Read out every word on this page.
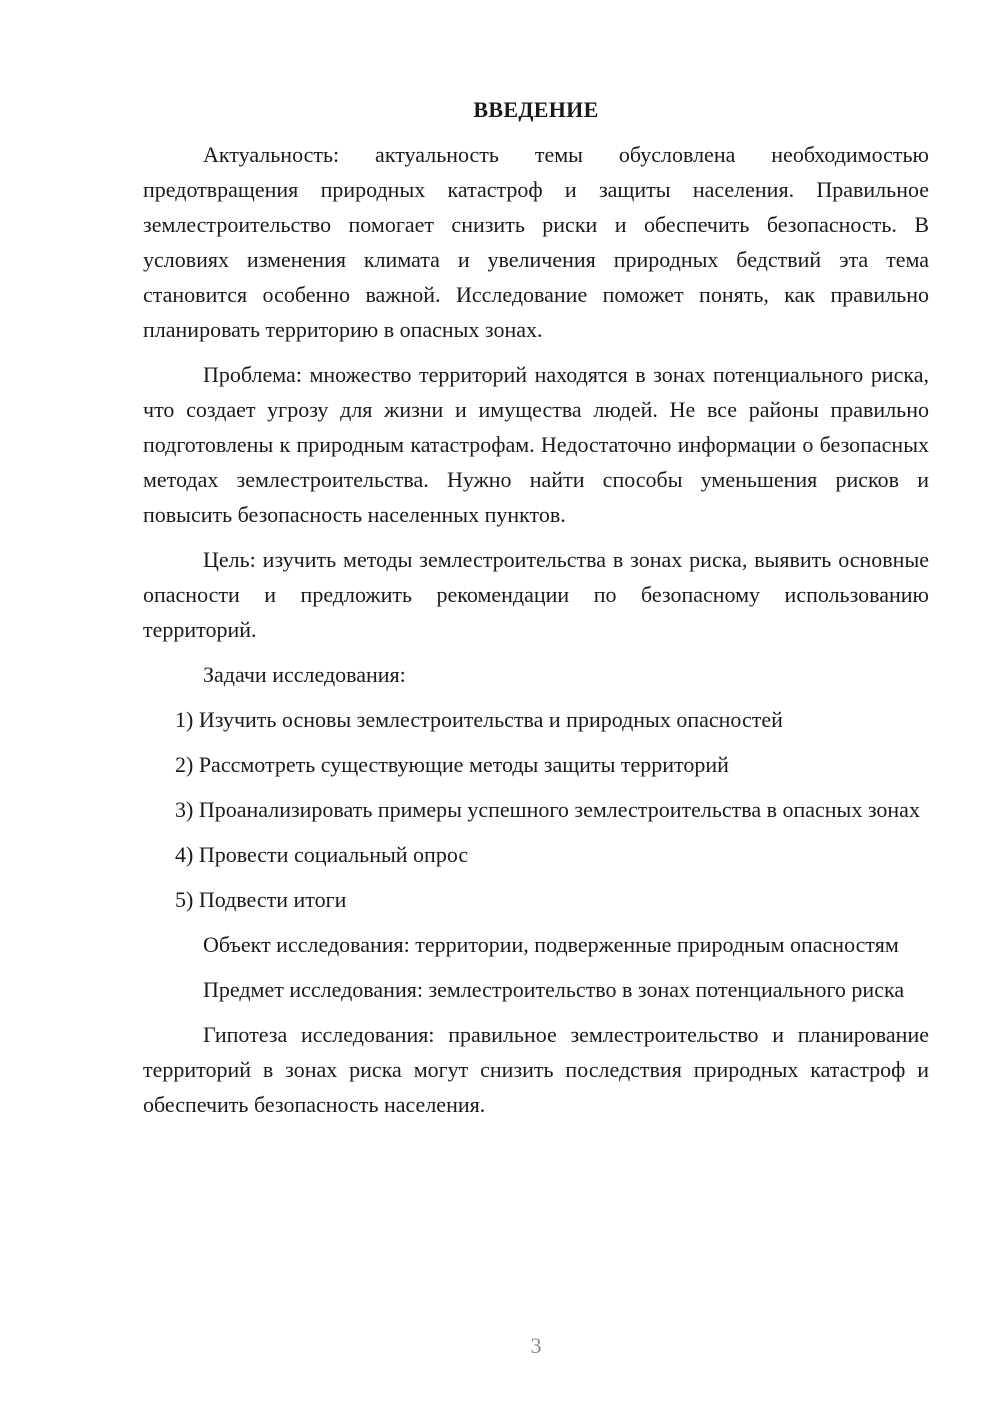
ВВЕДЕНИЕ
Актуальность: актуальность темы обусловлена необходимостью предотвращения природных катастроф и защиты населения. Правильное землестроительство помогает снизить риски и обеспечить безопасность. В условиях изменения климата и увеличения природных бедствий эта тема становится особенно важной. Исследование поможет понять, как правильно планировать территорию в опасных зонах.
Проблема: множество территорий находятся в зонах потенциального риска, что создает угрозу для жизни и имущества людей. Не все районы правильно подготовлены к природным катастрофам. Недостаточно информации о безопасных методах землестроительства. Нужно найти способы уменьшения рисков и повысить безопасность населенных пунктов.
Цель: изучить методы землестроительства в зонах риска, выявить основные опасности и предложить рекомендации по безопасному использованию территорий.
Задачи исследования:
1) Изучить основы землестроительства и природных опасностей
2) Рассмотреть существующие методы защиты территорий
3) Проанализировать примеры успешного землестроительства в опасных зонах
4) Провести социальный опрос
5) Подвести итоги
Объект исследования: территории, подверженные природным опасностям
Предмет исследования: землестроительство в зонах потенциального риска
Гипотеза исследования: правильное землестроительство и планирование территорий в зонах риска могут снизить последствия природных катастроф и обеспечить безопасность населения.
3
